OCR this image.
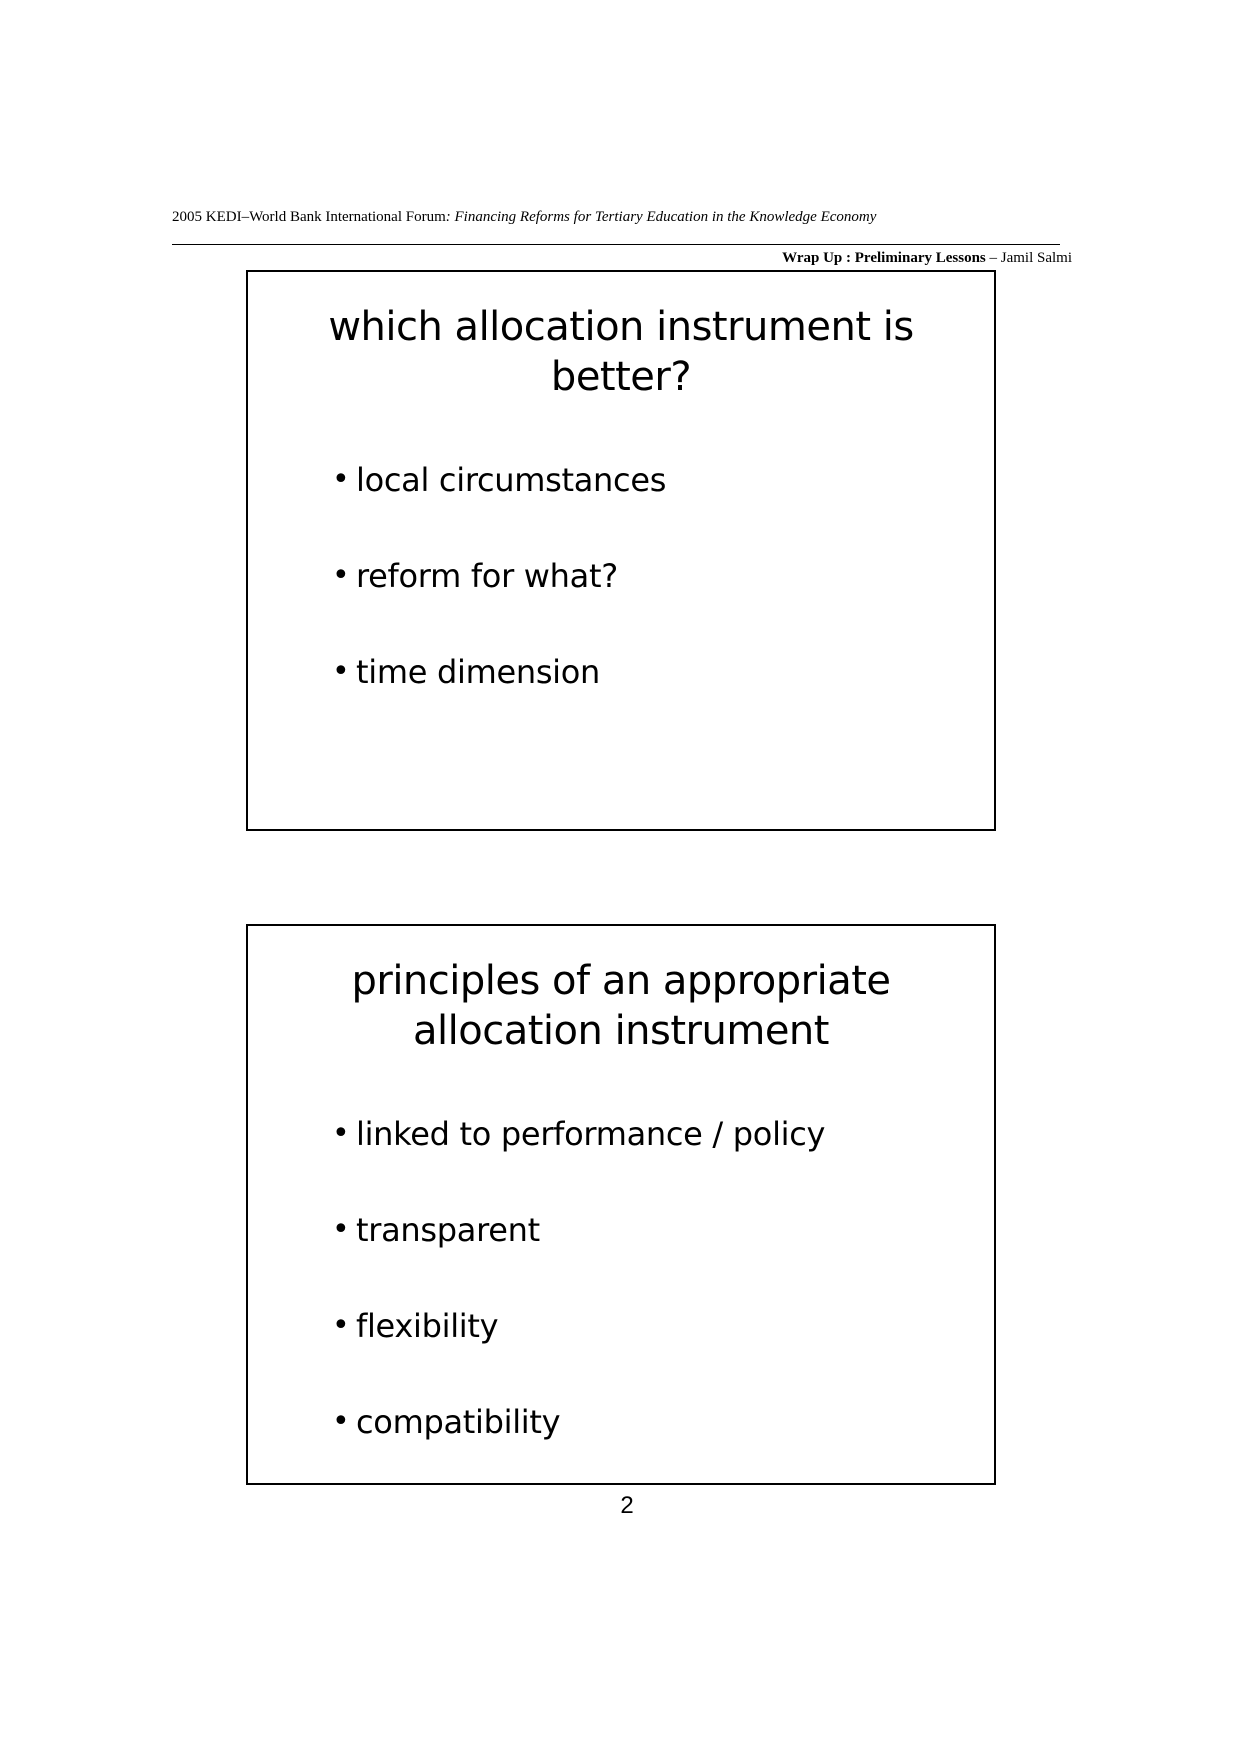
2005 KEDI–World Bank International Forum: Financing Reforms for Tertiary Education in the Knowledge Economy
Wrap Up : Preliminary Lessons – Jamil Salmi
which allocation instrument is
better?
• local circumstances
• reform for what?
• time dimension
principles of an appropriate
allocation instrument
• linked to performance / policy
• transparent
• flexibility
• compatibility
2
